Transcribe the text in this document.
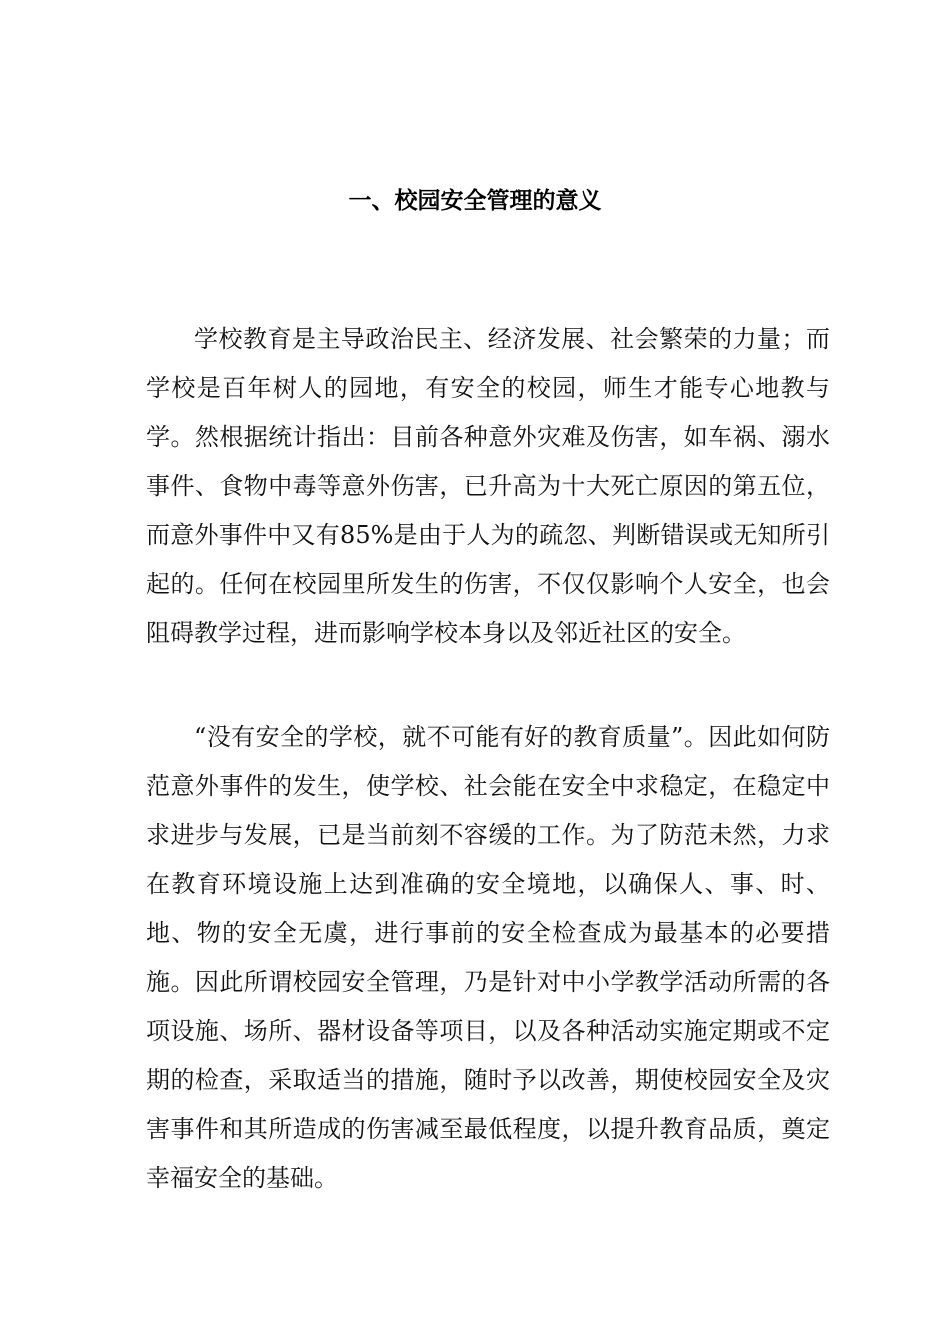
一、校园安全管理的意义

学校教育是主导政治民主、经济发展、社会繁荣的力量；而学校是百年树人的园地，有安全的校园，师生才能专心地教与学。然根据统计指出：目前各种意外灾难及伤害，如车祸、溺水事件、食物中毒等意外伤害，已升高为十大死亡原因的第五位，而意外事件中又有85%是由于人为的疏忽、判断错误或无知所引起的。任何在校园里所发生的伤害，不仅仅影响个人安全，也会阻碍教学过程，进而影响学校本身以及邻近社区的安全。

“没有安全的学校，就不可能有好的教育质量”。因此如何防范意外事件的发生，使学校、社会能在安全中求稳定，在稳定中求进步与发展，已是当前刻不容缓的工作。为了防范未然，力求在教育环境设施上达到准确的安全境地，以确保人、事、时、地、物的安全无虞，进行事前的安全检查成为最基本的必要措施。因此所谓校园安全管理，乃是针对中小学教学活动所需的各项设施、场所、器材设备等项目，以及各种活动实施定期或不定期的检查，采取适当的措施，随时予以改善，期使校园安全及灾害事件和其所造成的伤害减至最低程度，以提升教育品质，奠定幸福安全的基础。
